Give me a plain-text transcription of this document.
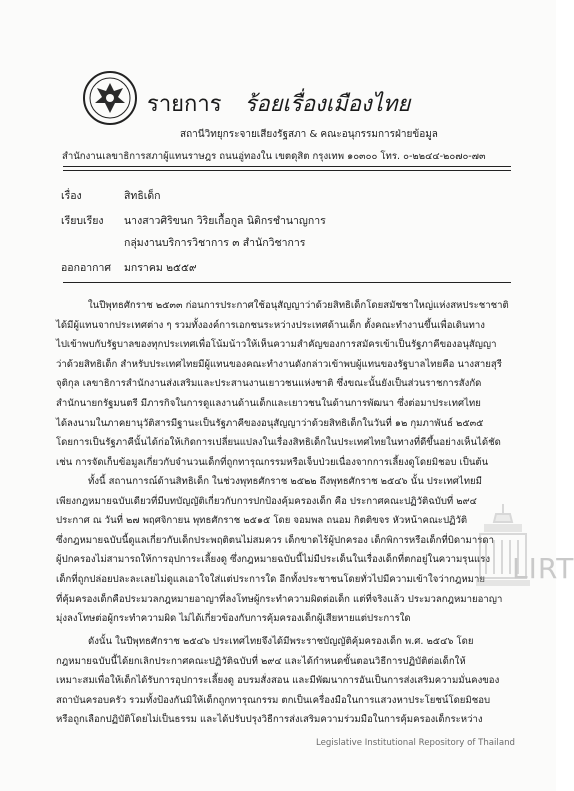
รายการ ร้อยเรื่องเมืองไทย
สถานีวิทยุกระจายเสียงรัฐสภา & คณะอนุกรรมการฝ่ายข้อมูล
สำนักงานเลขาธิการสภาผู้แทนราษฎร ถนนอู่ทองใน เขตดุสิต กรุงเทพ ๑๐๓๐๐ โทร. ๐-๒๒๔๔-๒๐๗๐-๗๓
เรื่อง	สิทธิเด็ก
เรียบเรียง นางสาวศิริขนก วิริยเกื้อกูล นิติกรชำนาญการ
กลุ่มงานบริการวิชาการ ๓ สำนักวิชาการ
ออกอากาศ มกราคม ๒๕๕๙
ในปีพุทธศักราช ๒๕๓๓ ก่อนการประกาศใช้อนุสัญญาว่าด้วยสิทธิเด็กโดยสมัชชาใหญ่แห่งสหประชาชาติ
ได้มีผู้แทนจากประเทศต่าง ๆ รวมทั้งองค์การเอกชนระหว่างประเทศด้านเด็ก ตั้งคณะทำงานขึ้นเพื่อเดินทาง
ไปเข้าพบกับรัฐบาลของทุกประเทศเพื่อโน้มน้าวให้เห็นความสำคัญของการสมัครเข้าเป็นรัฐภาคีของอนุสัญญา
ว่าด้วยสิทธิเด็ก สำหรับประเทศไทยมีผู้แทนของคณะทำงานดังกล่าวเข้าพบผู้แทนของรัฐบาลไทยคือ นางสายสุรี
จุติกุล เลขาธิการสำนักงานส่งเสริมและประสานงานเยาวชนแห่งชาติ ซึ่งขณะนั้นยังเป็นส่วนราชการสังกัด
สำนักนายกรัฐมนตรี มีภารกิจในการดูแลงานด้านเด็กและเยาวชนในด้านการพัฒนา ซึ่งต่อมาประเทศไทย
ได้ลงนามในภาคยานุวัติสารมีฐานะเป็นรัฐภาคีของอนุสัญญาว่าด้วยสิทธิเด็กในวันที่ ๑๒ กุมภาพันธ์ ๒๕๓๕
โดยการเป็นรัฐภาคีนั้นได้ก่อให้เกิดการเปลี่ยนแปลงในเรื่องสิทธิเด็กในประเทศไทยในทางที่ดีขึ้นอย่างเห็นได้ชัด
เช่น การจัดเก็บข้อมูลเกี่ยวกับจำนวนเด็กที่ถูกทารุณกรรมหรือเจ็บป่วยเนื่องจากการเลี้ยงดูโดยมิชอบ เป็นต้น
ทั้งนี้ สถานการณ์ด้านสิทธิเด็ก ในช่วงพุทธศักราช ๒๕๒๒ ถึงพุทธศักราช ๒๕๔๖ นั้น ประเทศไทยมี
เพียงกฎหมายฉบับเดียวที่มีบทบัญญัติเกี่ยวกับการปกป้องคุ้มครองเด็ก คือ ประกาศคณะปฏิวัติฉบับที่ ๒๙๔
ประกาศ ณ วันที่ ๒๗ พฤศจิกายน พุทธศักราช ๒๕๑๕ โดย จอมพล ถนอม กิตติขจร หัวหน้าคณะปฏิวัติ
ซึ่งกฎหมายฉบับนี้ดูแลเกี่ยวกับเด็กประพฤติตนไม่สมควร เด็กขาดไร้ผู้ปกครอง เด็กพิการหรือเด็กที่บิดามารดา
ผู้ปกครองไม่สามารถให้การอุปการะเลี้ยงดู ซึ่งกฎหมายฉบับนี้ไม่มีประเด็นในเรื่องเด็กที่ตกอยู่ในความรุนแรง
เด็กที่ถูกปล่อยปละละเลยไม่ดูแลเอาใจใส่แต่ประการใด อีกทั้งประชาชนโดยทั่วไปมีความเข้าใจว่ากฎหมาย
ที่คุ้มครองเด็กคือประมวลกฎหมายอาญาที่ลงโทษผู้กระทำความผิดต่อเด็ก แต่ที่จริงแล้ว ประมวลกฎหมายอาญา
มุ่งลงโทษต่อผู้กระทำความผิด ไม่ได้เกี่ยวข้องกับการคุ้มครองเด็กผู้เสียหายแต่ประการใด
ดังนั้น ในปีพุทธศักราช ๒๕๔๖ ประเทศไทยจึงได้มีพระราชบัญญัติคุ้มครองเด็ก พ.ศ. ๒๕๔๖ โดย
กฎหมายฉบับนี้ได้ยกเลิกประกาศคณะปฏิวัติฉบับที่ ๒๙๔ และได้กำหนดขั้นตอนวิธีการปฏิบัติต่อเด็กให้
เหมาะสมเพื่อให้เด็กได้รับการอุปการะเลี้ยงดู อบรมสั่งสอน และมีพัฒนาการอันเป็นการส่งเสริมความมั่นคงของ
สถาบันครอบครัว รวมทั้งป้องกันมิให้เด็กถูกทารุณกรรม ตกเป็นเครื่องมือในการแสวงหาประโยชน์โดยมิชอบ
หรือถูกเลือกปฏิบัติโดยไม่เป็นธรรม และได้ปรับปรุงวิธีการส่งเสริมความร่วมมือในการคุ้มครองเด็กระหว่าง
LIRT
Legislative Institutional Repository of Thailand
